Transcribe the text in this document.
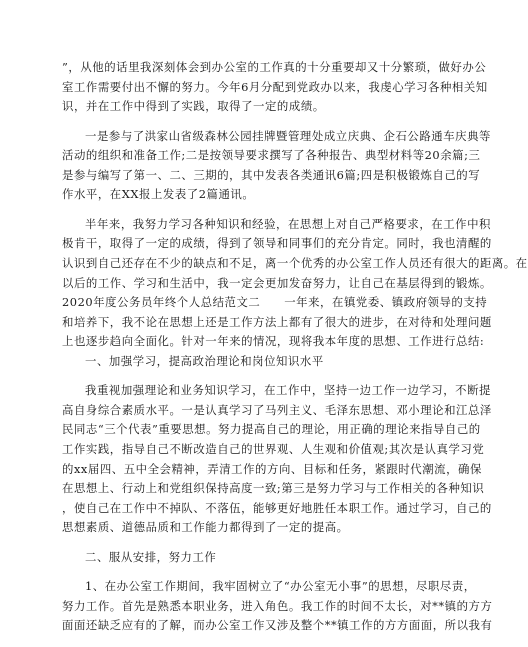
”，从他的话里我深刻体会到办公室的工作真的十分重要却又十分繁琐，做好办公
室工作需要付出不懈的努力。今年6月分配到党政办以来，我虔心学习各种相关知
识，并在工作中得到了实践，取得了一定的成绩。
一是参与了洪家山省级森林公园挂牌暨管理处成立庆典、企石公路通车庆典等
活动的组织和准备工作;二是按领导要求撰写了各种报告、典型材料等20余篇;三
是参与编写了第一、二、三期的，其中发表各类通讯6篇;四是积极锻炼自己的写
作水平，在XX报上发表了2篇通讯。
半年来，我努力学习各种知识和经验，在思想上对自己严格要求，在工作中积
极肯干，取得了一定的成绩，得到了领导和同事们的充分肯定。同时，我也清醒的
认识到自己还存在不少的缺点和不足，离一个优秀的办公室工作人员还有很大的距离。在
以后的工作、学习和生活中，我一定会更加发奋努力，让自己在基层得到的锻炼。
2020年度公务员年终个人总结范文二　　一年来，在镇党委、镇政府领导的支持
和培养下，我不论在思想上还是工作方法上都有了很大的进步，在对待和处理问题
上也逐步趋向全面化。针对一年来的情况，现将我本年度的思想、工作进行总结:
一、加强学习，提高政治理论和岗位知识水平
我重视加强理论和业务知识学习，在工作中，坚持一边工作一边学习，不断提
高自身综合素质水平。一是认真学习了马列主义、毛泽东思想、邓小理论和江总泽
民同志“三个代表”重要思想。努力提高自己的理论，用正确的理论来指导自己的
工作实践，指导自己不断改造自己的世界观、人生观和价值观;其次是认真学习党
的xx届四、五中全会精神，弄清工作的方向、目标和任务，紧跟时代潮流，确保
在思想上、行动上和党组织保持高度一致;第三是努力学习与工作相关的各种知识
，使自己在工作中不掉队、不落伍，能够更好地胜任本职工作。通过学习，自己的
思想素质、道德品质和工作能力都得到了一定的提高。
二、服从安排，努力工作
1、在办公室工作期间，我牢固树立了“办公室无小事”的思想，尽职尽责，
努力工作。首先是熟悉本职业务，进入角色。我工作的时间不太长，对**镇的方方
面面还缺乏应有的了解，而办公室工作又涉及整个**镇工作的方方面面，所以我有
